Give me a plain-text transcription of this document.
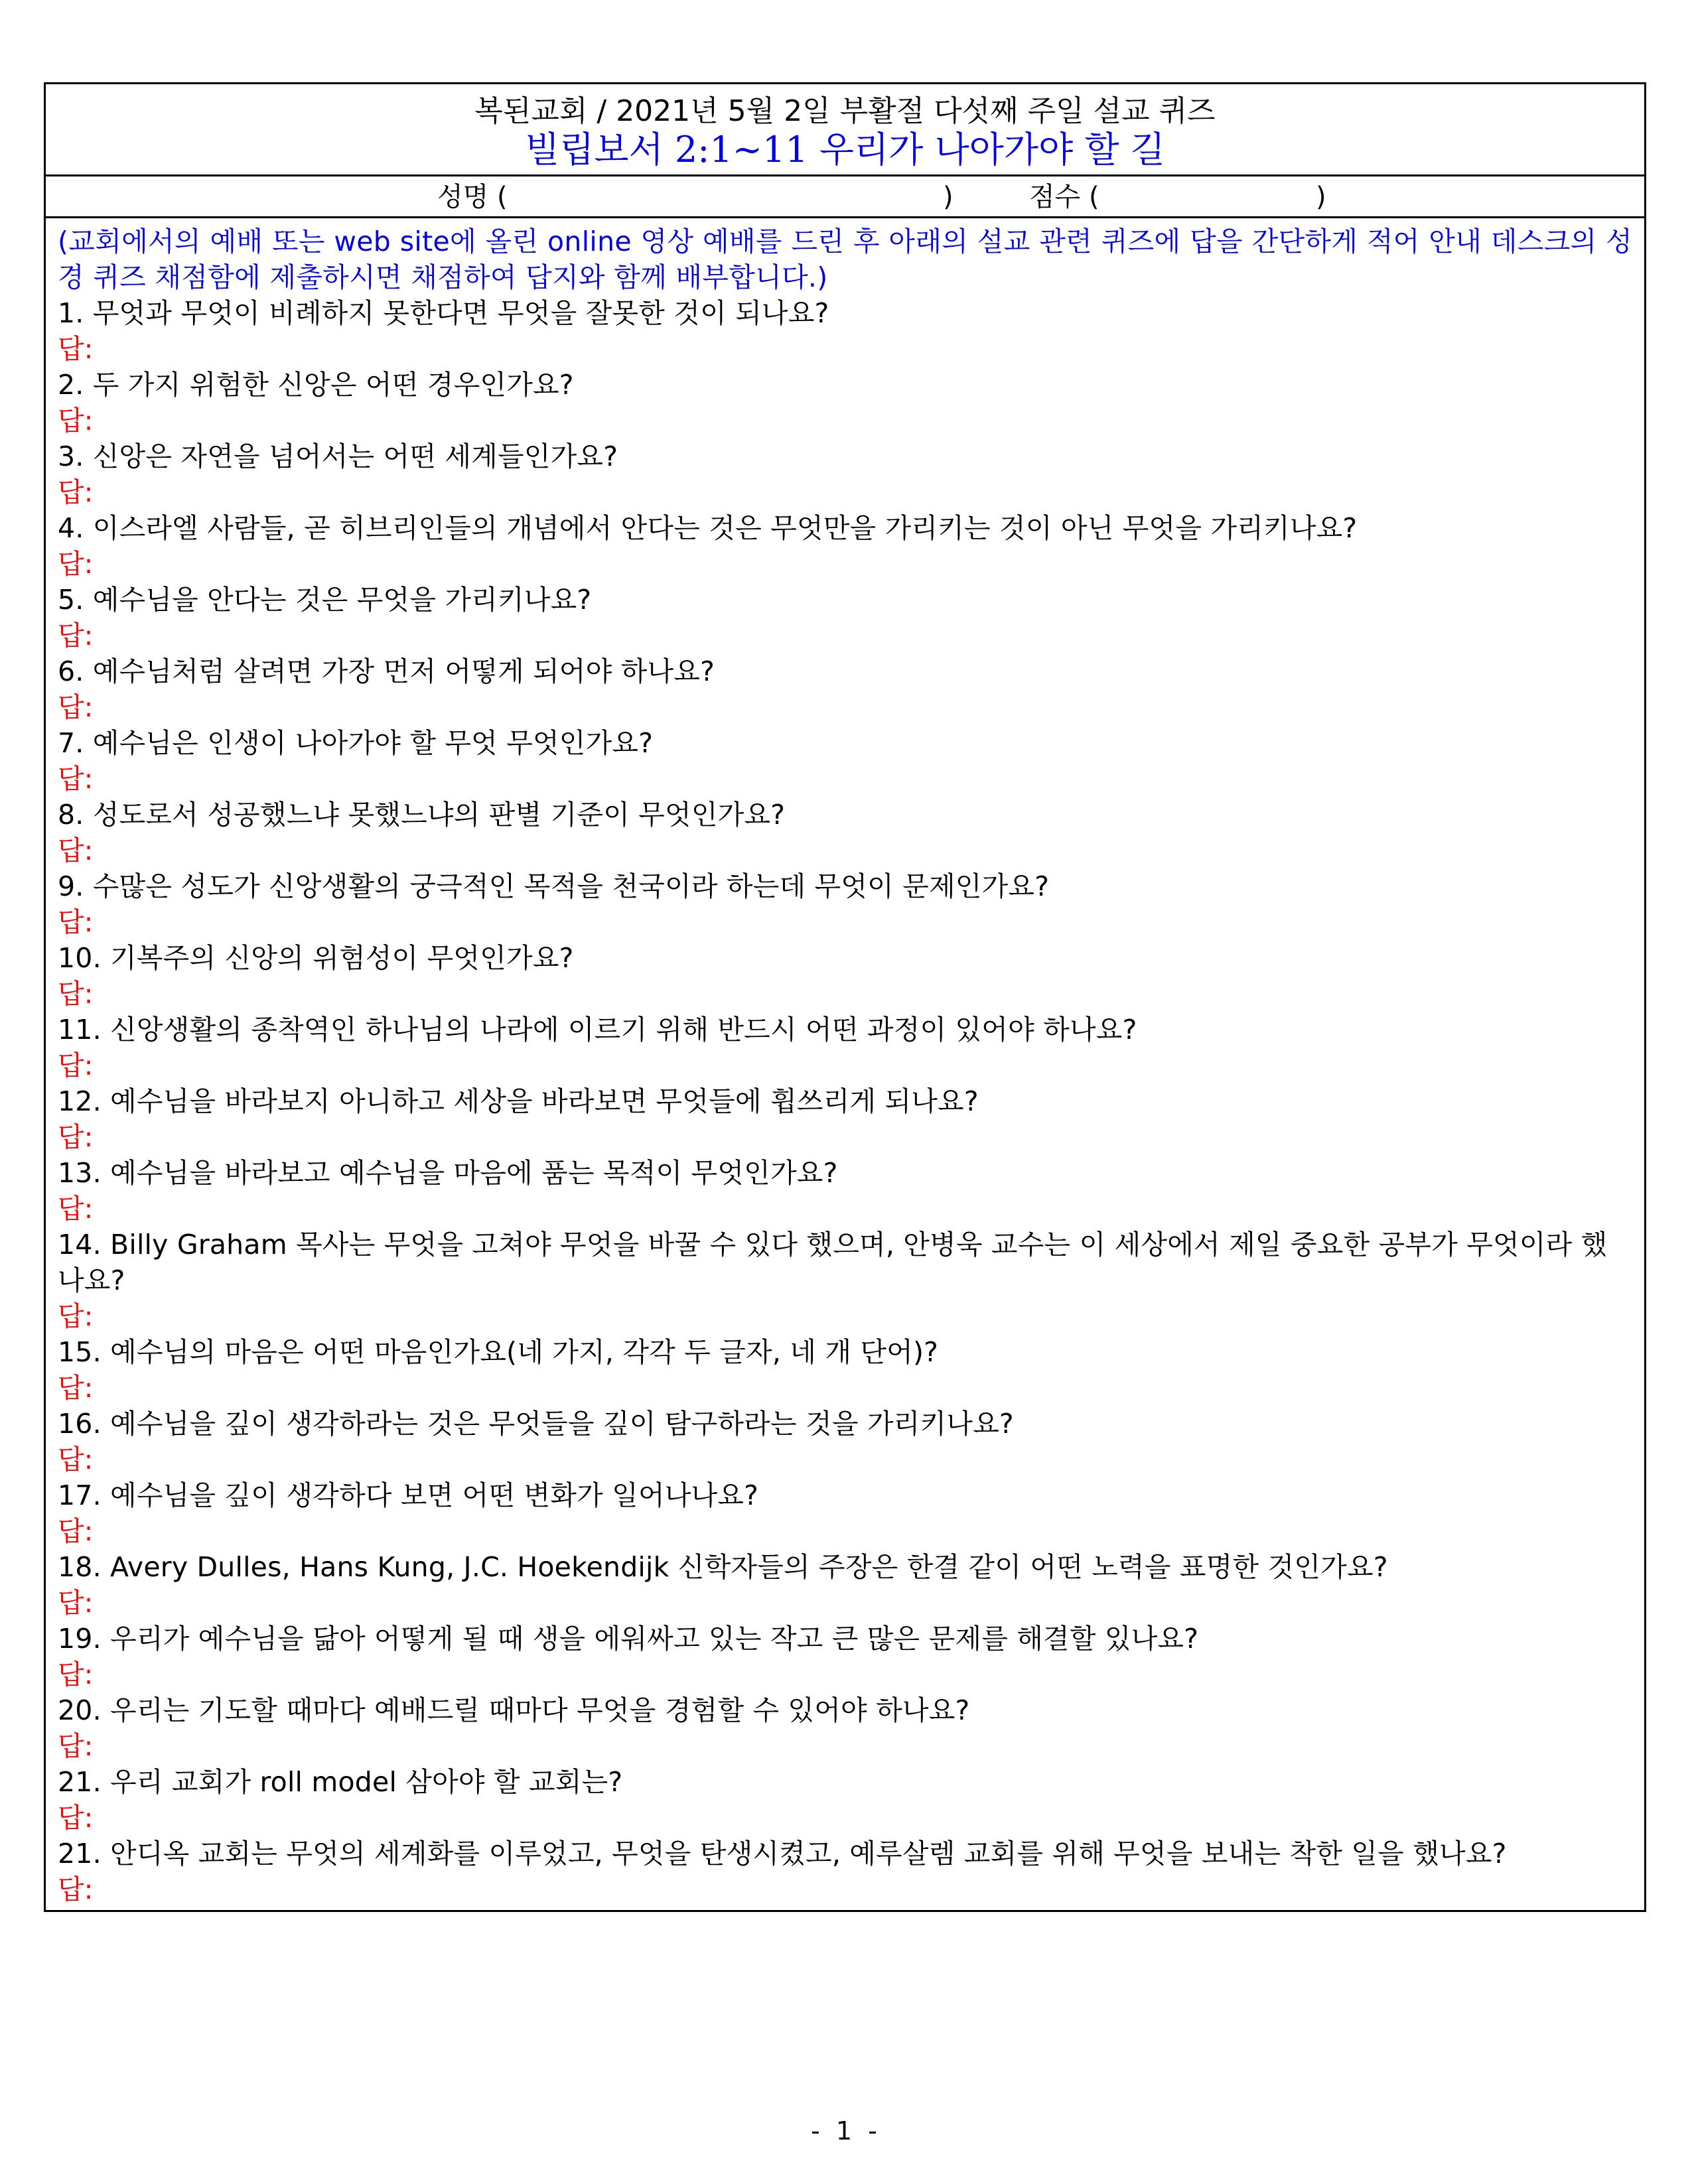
복된교회 / 2021년 5월 2일 부활절 다섯째 주일 설교 퀴즈
빌립보서 2:1~11 우리가 나아가야 할 길
성명 (	)	점수 (	)
(교회에서의 예배 또는 web site에 올린 online 영상 예배를 드린 후 아래의 설교 관련 퀴즈에 답을 간단하게 적어 안내 데스크의 성경 퀴즈 채점함에 제출하시면 채점하여 답지와 함께 배부합니다.)
1. 무엇과 무엇이 비례하지 못한다면 무엇을 잘못한 것이 되나요?
답:
2. 두 가지 위험한 신앙은 어떤 경우인가요?
답:
3. 신앙은 자연을 넘어서는 어떤 세계들인가요?
답:
4. 이스라엘 사람들, 곧 히브리인들의 개념에서 안다는 것은 무엇만을 가리키는 것이 아닌 무엇을 가리키나요?
답:
5. 예수님을 안다는 것은 무엇을 가리키나요?
답:
6. 예수님처럼 살려면 가장 먼저 어떻게 되어야 하나요?
답:
7. 예수님은 인생이 나아가야 할 무엇 무엇인가요?
답:
8. 성도로서 성공했느냐 못했느냐의 판별 기준이 무엇인가요?
답:
9. 수많은 성도가 신앙생활의 궁극적인 목적을 천국이라 하는데 무엇이 문제인가요?
답:
10. 기복주의 신앙의 위험성이 무엇인가요?
답:
11. 신앙생활의 종착역인 하나님의 나라에 이르기 위해 반드시 어떤 과정이 있어야 하나요?
답:
12. 예수님을 바라보지 아니하고 세상을 바라보면 무엇들에 휩쓰리게 되나요?
답:
13. 예수님을 바라보고 예수님을 마음에 품는 목적이 무엇인가요?
답:
14. Billy Graham 목사는 무엇을 고쳐야 무엇을 바꿀 수 있다 했으며, 안병욱 교수는 이 세상에서 제일 중요한 공부가 무엇이라 했나요?
답:
15. 예수님의 마음은 어떤 마음인가요(네 가지, 각각 두 글자, 네 개 단어)?
답:
16. 예수님을 깊이 생각하라는 것은 무엇들을 깊이 탐구하라는 것을 가리키나요?
답:
17. 예수님을 깊이 생각하다 보면 어떤 변화가 일어나나요?
답:
18. Avery Dulles, Hans Kung, J.C. Hoekendijk 신학자들의 주장은 한결 같이 어떤 노력을 표명한 것인가요?
답:
19. 우리가 예수님을 닮아 어떻게 될 때 생을 에워싸고 있는 작고 큰 많은 문제를 해결할 있나요?
답:
20. 우리는 기도할 때마다 예배드릴 때마다 무엇을 경험할 수 있어야 하나요?
답:
21. 우리 교회가 roll model 삼아야 할 교회는?
답:
21. 안디옥 교회는 무엇의 세계화를 이루었고, 무엇을 탄생시켰고, 예루살렘 교회를 위해 무엇을 보내는 착한 일을 했나요?
답:
- 1 -
